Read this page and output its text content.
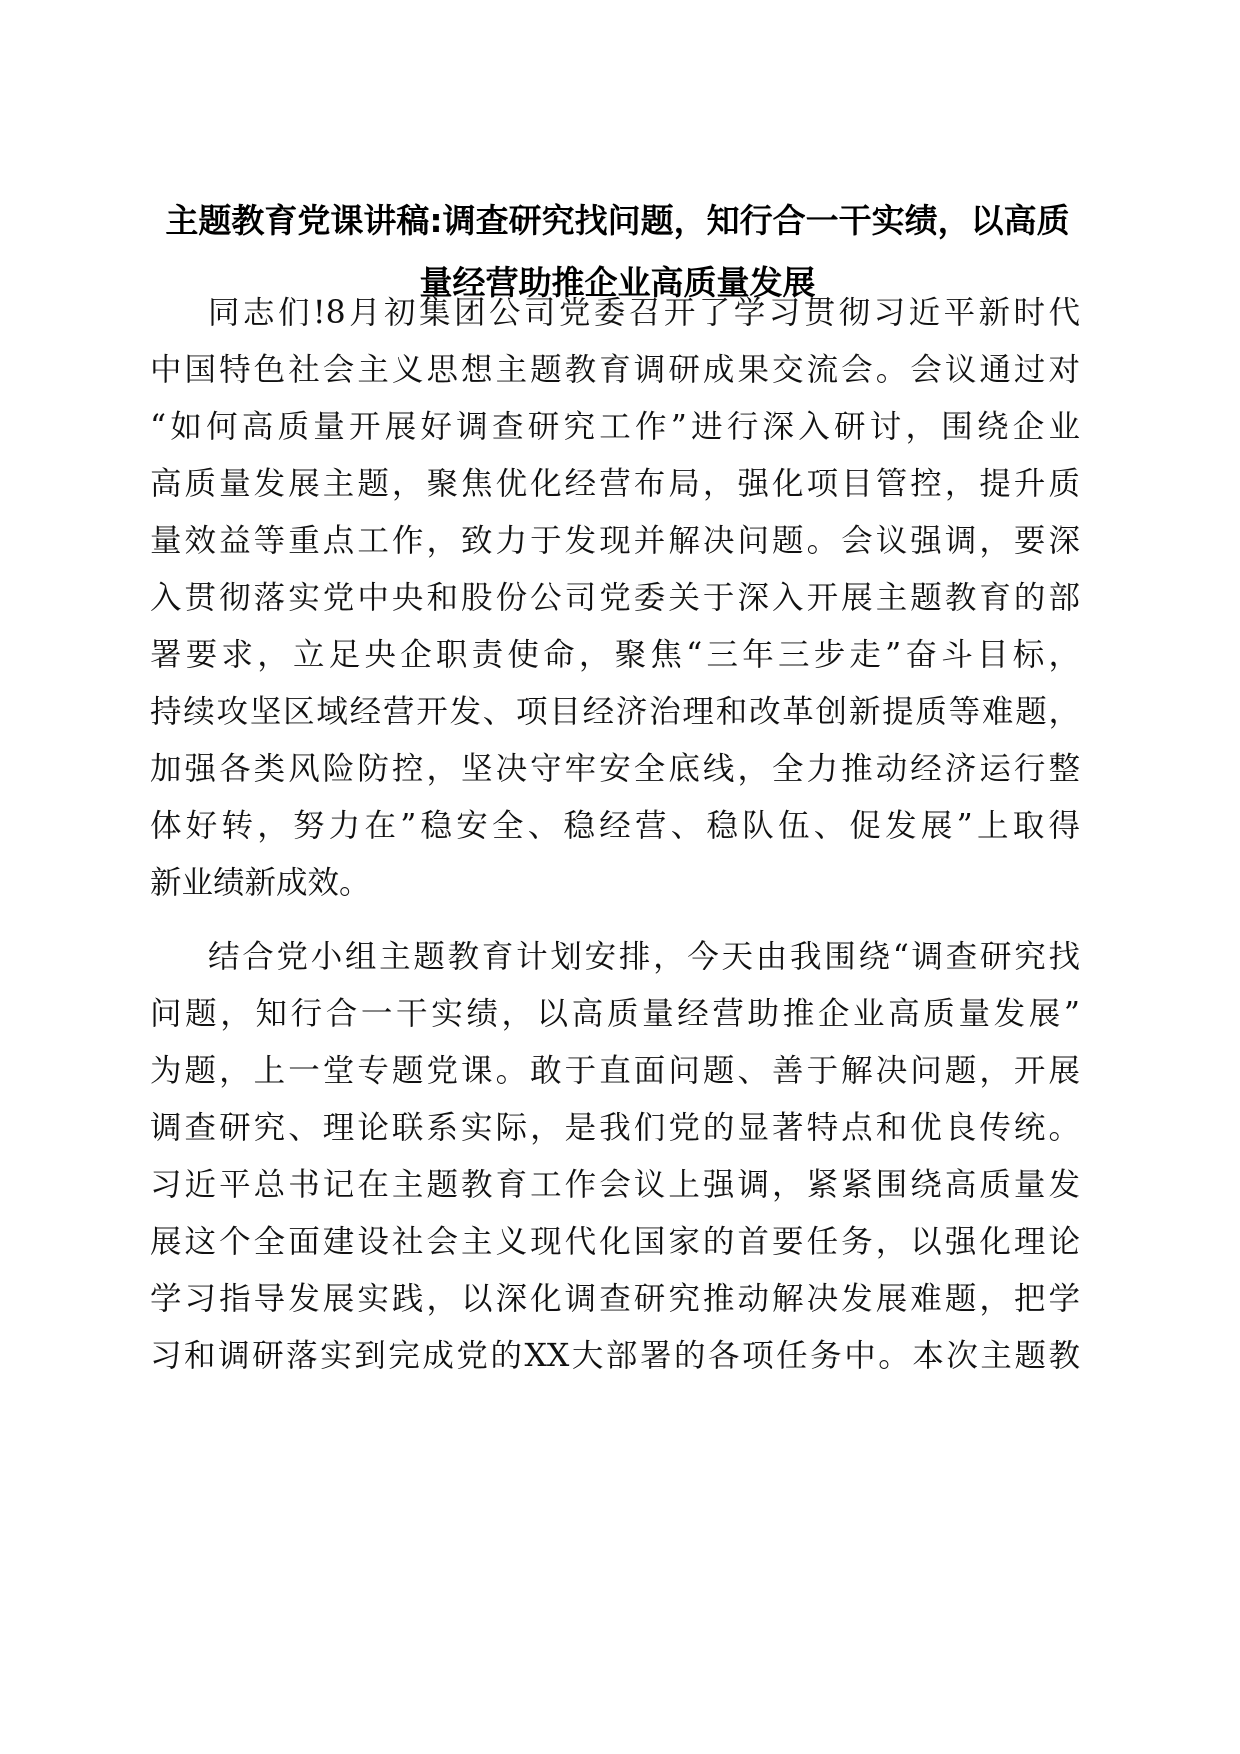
主题教育党课讲稿:调查研究找问题，知行合一干实绩，以高质
量经营助推企业高质量发展

同志们!8月初集团公司党委召开了学习贯彻习近平新时代

中国特色社会主义思想主题教育调研成果交流会。会议通过对

“如何高质量开展好调查研究工作”进行深入研讨，围绕企业

高质量发展主题，聚焦优化经营布局，强化项目管控，提升质

量效益等重点工作，致力于发现并解决问题。会议强调，要深

入贯彻落实党中央和股份公司党委关于深入开展主题教育的部

署要求，立足央企职责使命，聚焦“三年三步走”奋斗目标，

持续攻坚区域经营开发、项目经济治理和改革创新提质等难题，

加强各类风险防控，坚决守牢安全底线，全力推动经济运行整

体好转，努力在”稳安全、稳经营、稳队伍、促发展”上取得

新业绩新成效。

结合党小组主题教育计划安排，今天由我围绕“调查研究找

问题，知行合一干实绩，以高质量经营助推企业高质量发展”

为题，上一堂专题党课。敢于直面问题、善于解决问题，开展

调查研究、理论联系实际，是我们党的显著特点和优良传统。

习近平总书记在主题教育工作会议上强调，紧紧围绕高质量发

展这个全面建设社会主义现代化国家的首要任务，以强化理论

学习指导发展实践，以深化调查研究推动解决发展难题，把学

习和调研落实到完成党的XX大部署的各项任务中。本次主题教
